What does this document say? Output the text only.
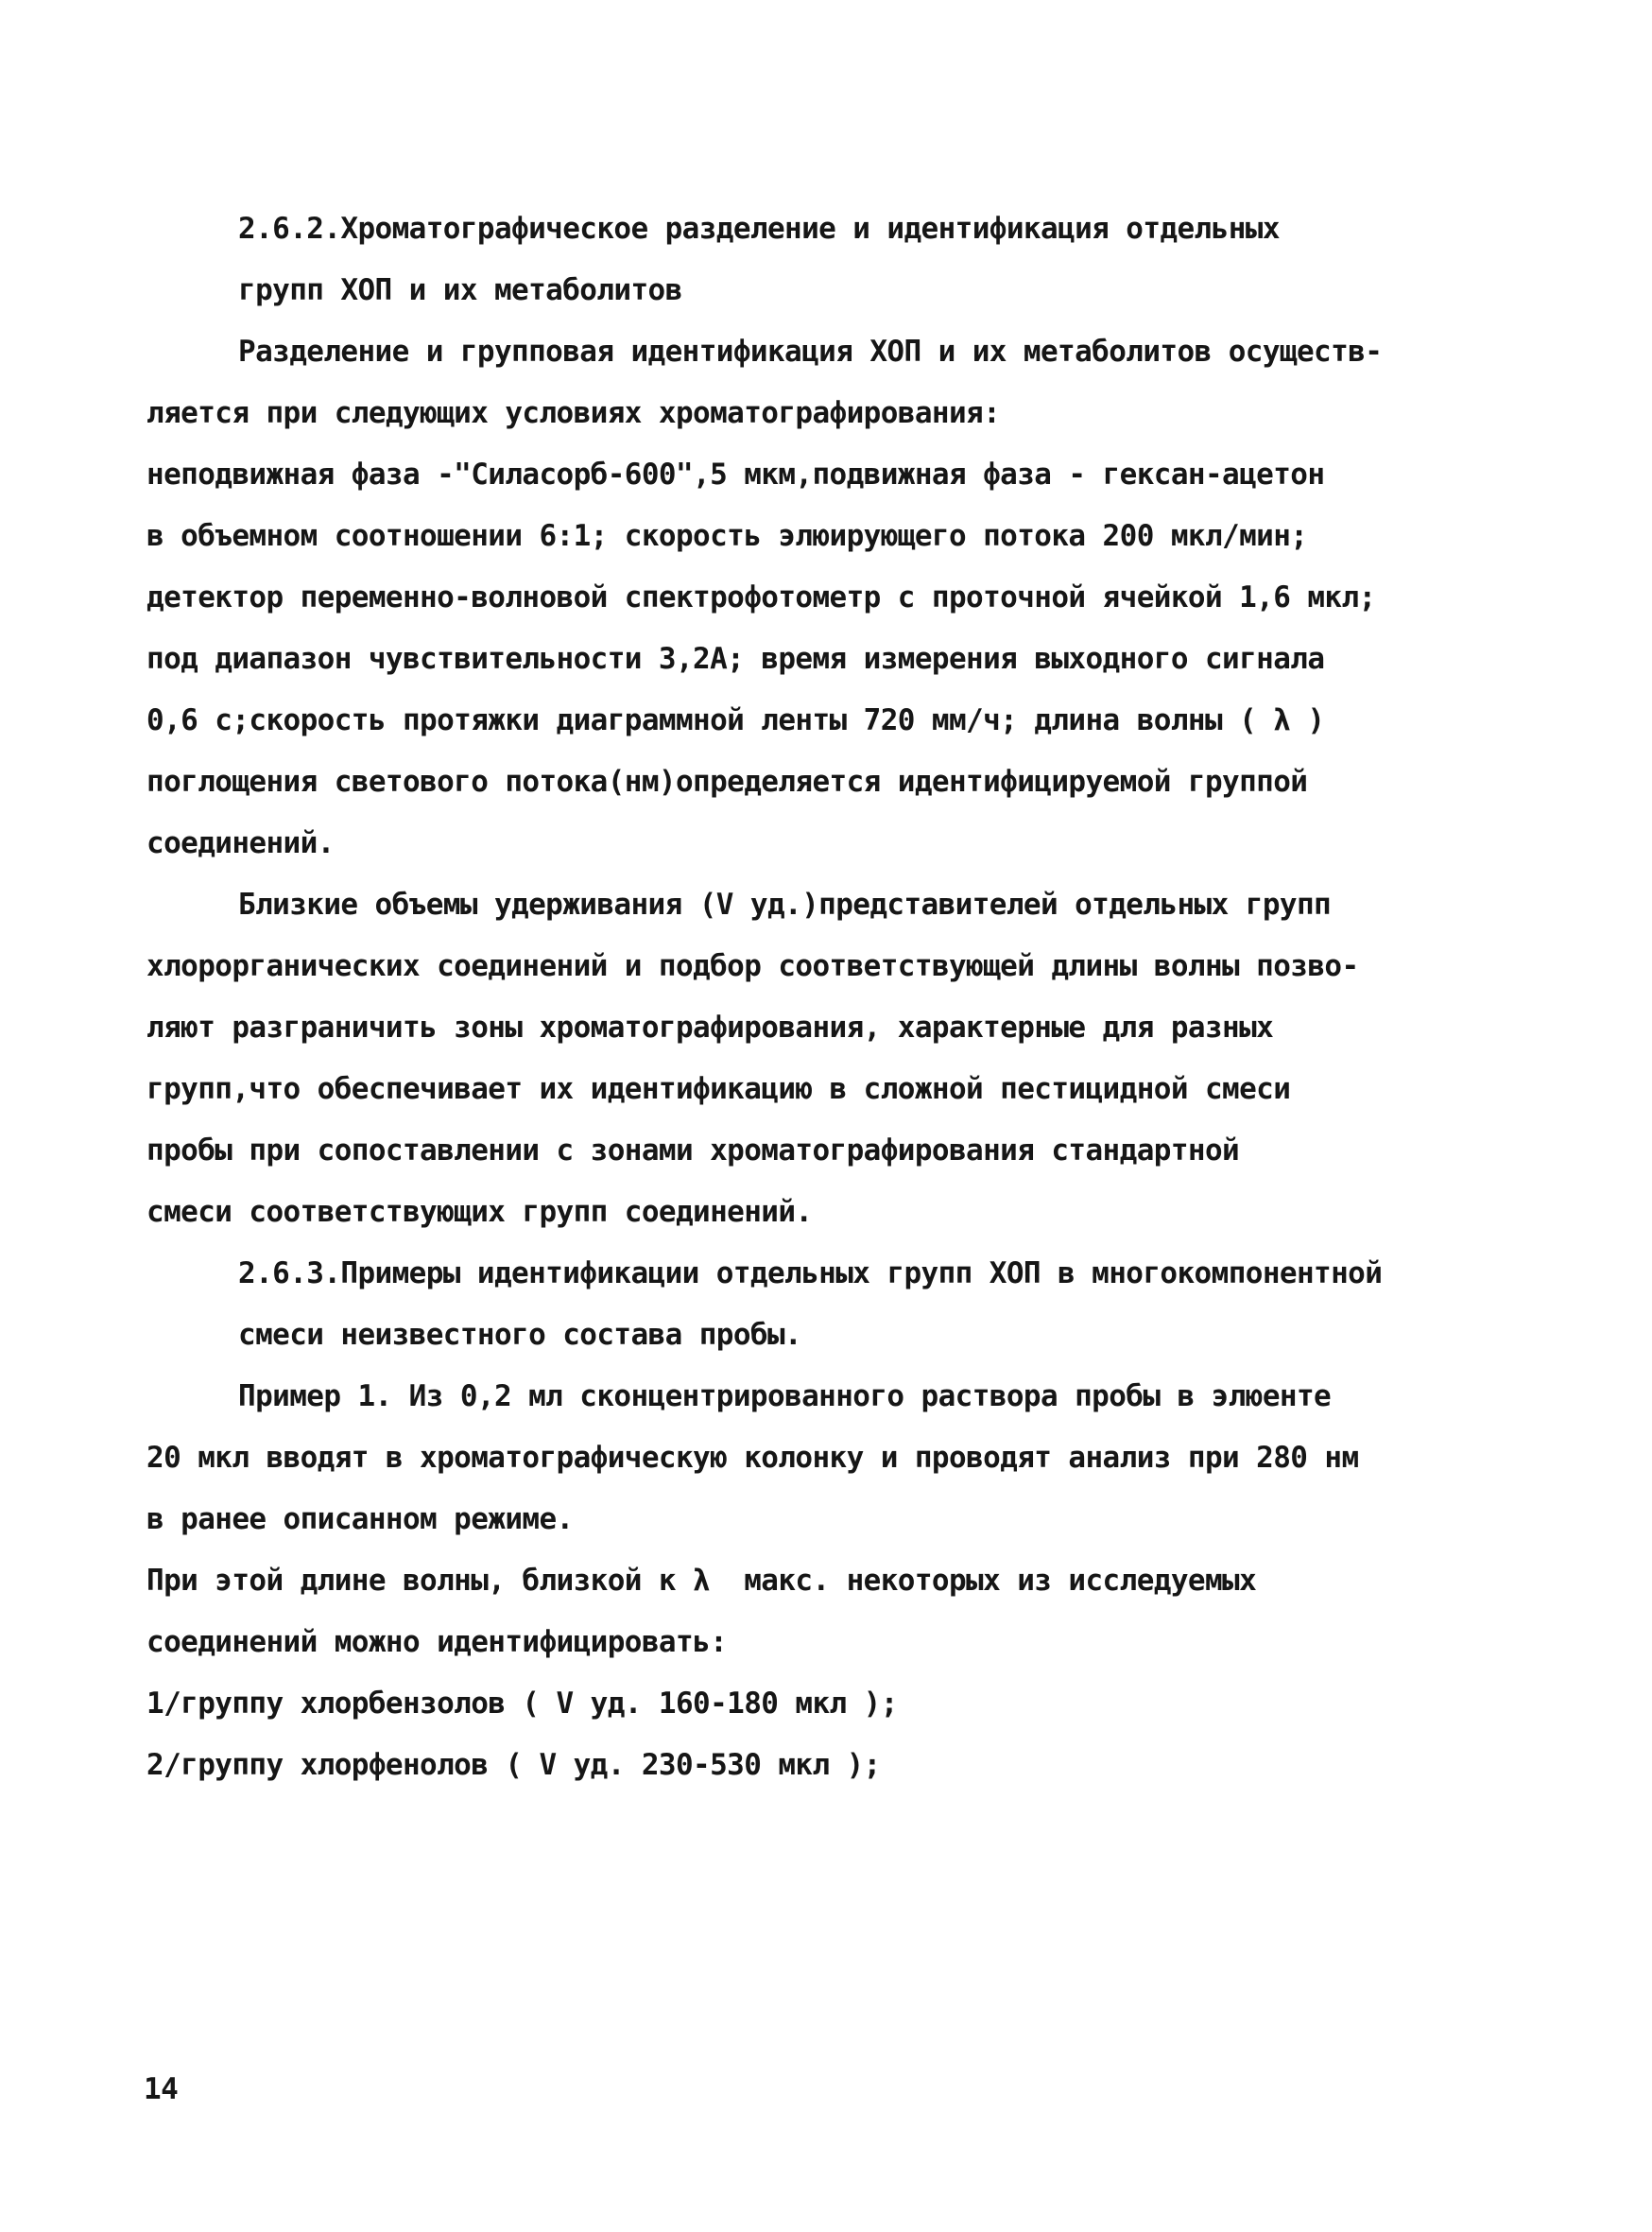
2.6.2.Хроматографическое разделение и идентификация отдельных
групп ХОП и их метаболитов
Разделение и групповая идентификация ХОП и их метаболитов осуществ-
ляется при следующих условиях хроматографирования:
неподвижная фаза -"Силасорб-600",5 мкм,подвижная фаза - гексан-ацетон
в объемном соотношении 6:1; скорость элюирующего потока 200 мкл/мин;
детектор переменно-волновой спектрофотометр с проточной ячейкой 1,6 мкл;
под диапазон чувствительности 3,2А; время измерения выходного сигнала
0,6 с;скорость протяжки диаграммной ленты 720 мм/ч; длина волны ( λ )
поглощения светового потока(нм)определяется идентифицируемой группой
соединений.
Близкие объемы удерживания (V уд.)представителей отдельных групп
хлорорганических соединений и подбор соответствующей длины волны позво-
ляют разграничить зоны хроматографирования, характерные для разных
групп,что обеспечивает их идентификацию в сложной пестицидной смеси
пробы при сопоставлении с зонами хроматографирования стандартной
смеси соответствующих групп соединений.
2.6.3.Примеры идентификации отдельных групп ХОП в многокомпонентной
смеси неизвестного состава пробы.
Пример 1. Из 0,2 мл сконцентрированного раствора пробы в элюенте
20 мкл вводят в хроматографическую колонку и проводят анализ при 280 нм
в ранее описанном режиме.
При этой длине волны, близкой к λ  макс. некоторых из исследуемых
соединений можно идентифицировать:
1/группу хлорбензолов ( V уд. 160-180 мкл );
2/группу хлорфенолов ( V уд. 230-530 мкл );
14
